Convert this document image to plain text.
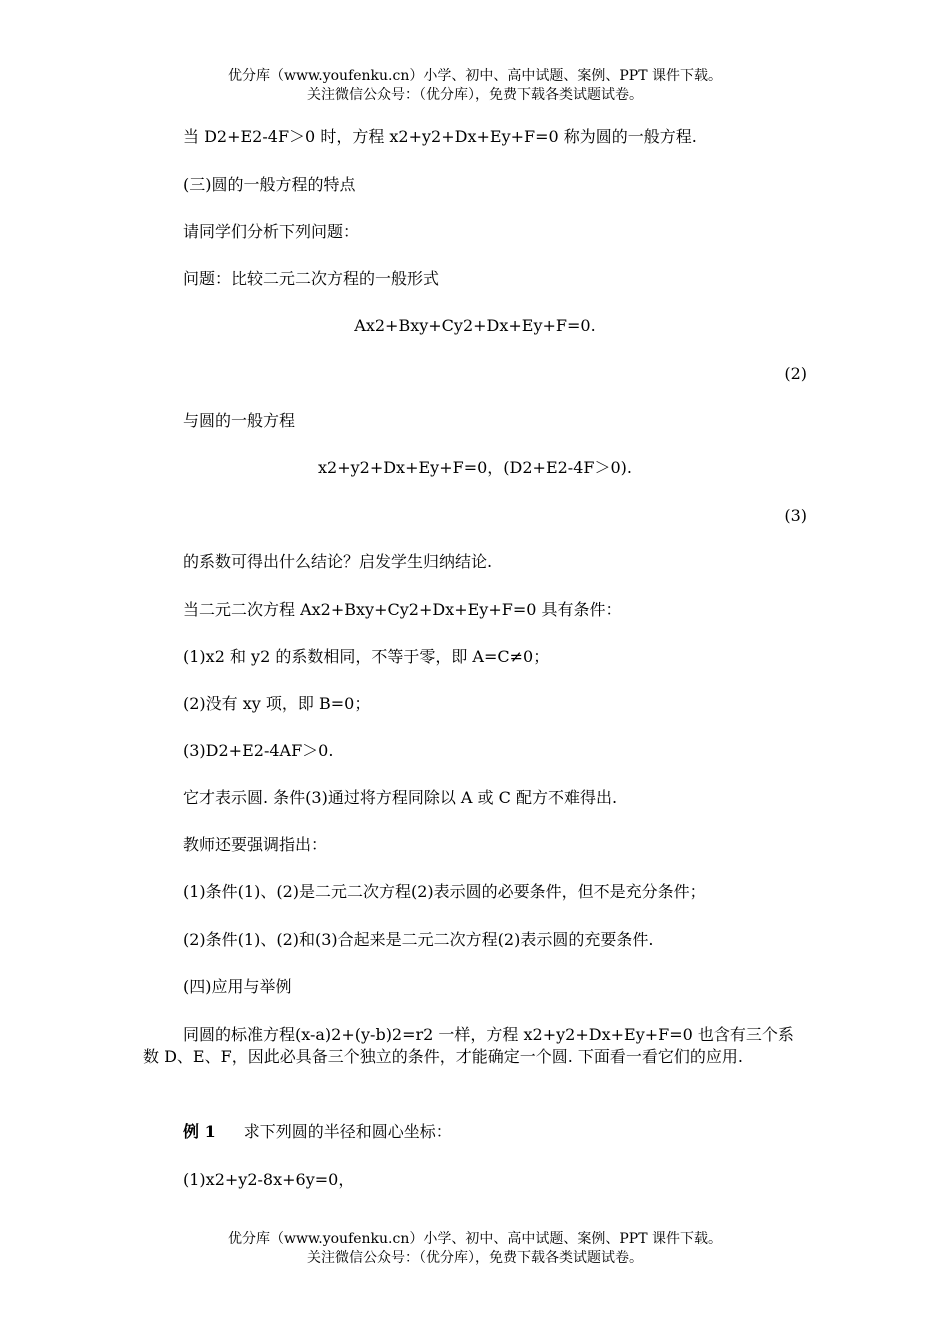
优分库（www.youfenku.cn）小学、初中、高中试题、案例、PPT 课件下载。
关注微信公众号：（优分库），免费下载各类试题试卷。
当 D2+E2-4F＞0 时，方程 x2+y2+Dx+Ey+F=0 称为圆的一般方程.
(三)圆的一般方程的特点
请同学们分析下列问题：
问题：比较二元二次方程的一般形式
Ax2+Bxy+Cy2+Dx+Ey+F=0.
(2)
与圆的一般方程
x2+y2+Dx+Ey+F=0，(D2+E2-4F＞0).
(3)
的系数可得出什么结论？启发学生归纳结论.
当二元二次方程 Ax2+Bxy+Cy2+Dx+Ey+F=0 具有条件：
(1)x2 和 y2 的系数相同，不等于零，即 A=C≠0；
(2)没有 xy 项，即 B=0；
(3)D2+E2-4AF＞0.
它才表示圆. 条件(3)通过将方程同除以 A 或 C 配方不难得出.
教师还要强调指出：
(1)条件(1)、(2)是二元二次方程(2)表示圆的必要条件，但不是充分条件；
(2)条件(1)、(2)和(3)合起来是二元二次方程(2)表示圆的充要条件.
(四)应用与举例
同圆的标准方程(x-a)2+(y-b)2=r2 一样，方程 x2+y2+Dx+Ey+F=0 也含有三个系数 D、E、F，因此必具备三个独立的条件，才能确定一个圆. 下面看一看它们的应用.
例 1 求下列圆的半径和圆心坐标：
(1)x2+y2-8x+6y=0，
优分库（www.youfenku.cn）小学、初中、高中试题、案例、PPT 课件下载。
关注微信公众号：（优分库），免费下载各类试题试卷。
